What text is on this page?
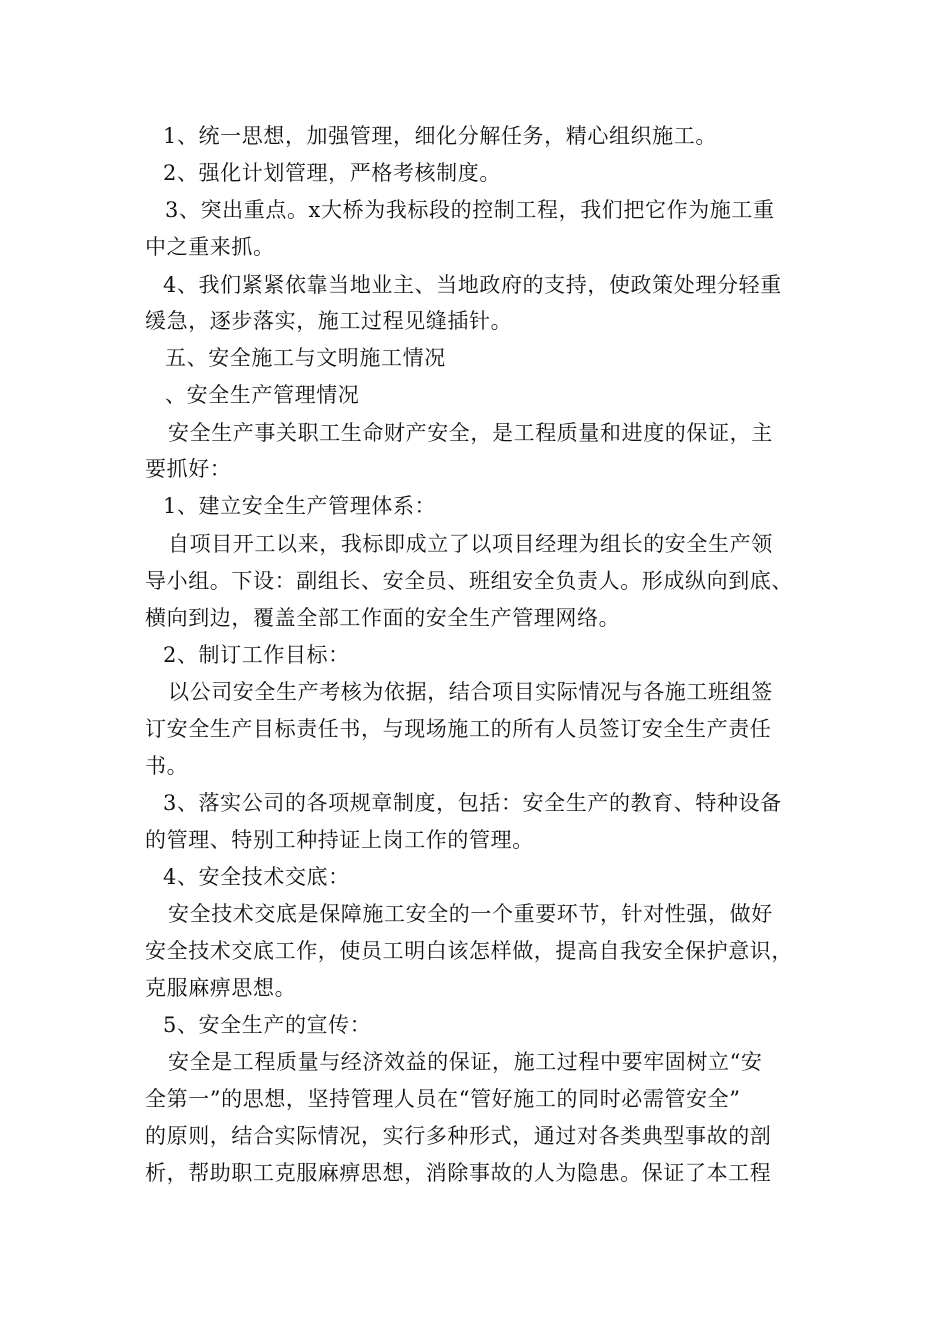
1、统一思想，加强管理，细化分解任务，精心组织施工。
2、强化计划管理，严格考核制度。
3、突出重点。x大桥为我标段的控制工程，我们把它作为施工重
中之重来抓。
4、我们紧紧依靠当地业主、当地政府的支持，使政策处理分轻重
缓急，逐步落实，施工过程见缝插针。
五、安全施工与文明施工情况
、安全生产管理情况
安全生产事关职工生命财产安全，是工程质量和进度的保证，主
要抓好：
1、建立安全生产管理体系：
自项目开工以来，我标即成立了以项目经理为组长的安全生产领
导小组。下设：副组长、安全员、班组安全负责人。形成纵向到底、
横向到边，覆盖全部工作面的安全生产管理网络。
2、制订工作目标：
以公司安全生产考核为依据，结合项目实际情况与各施工班组签
订安全生产目标责任书，与现场施工的所有人员签订安全生产责任
书。
3、落实公司的各项规章制度，包括：安全生产的教育、特种设备
的管理、特别工种持证上岗工作的管理。
4、安全技术交底：
安全技术交底是保障施工安全的一个重要环节，针对性强，做好
安全技术交底工作，使员工明白该怎样做，提高自我安全保护意识，
克服麻痹思想。
5、安全生产的宣传：
安全是工程质量与经济效益的保证，施工过程中要牢固树立“安
全第一”的思想，坚持管理人员在“管好施工的同时必需管安全”
的原则，结合实际情况，实行多种形式，通过对各类典型事故的剖
析，帮助职工克服麻痹思想，消除事故的人为隐患。保证了本工程
